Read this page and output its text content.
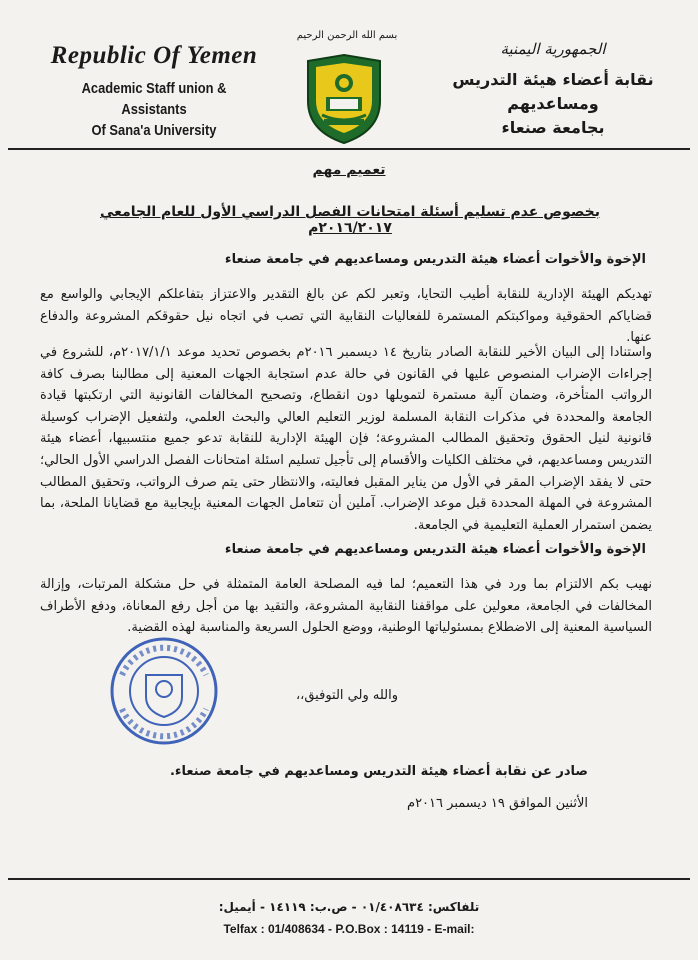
Republic Of Yemen
Academic Staff union & Assistants
Of Sana'a University
بسم الله الرحمن الرحيم
الجمهورية اليمنية
نقابة أعضاء هيئة التدريس ومساعديهم
بجامعة صنعاء
تعميم مهم
بخصوص عدم تسليم أسئلة امتحانات الفصل الدراسي الأول للعام الجامعي ٢٠١٦/٢٠١٧م
الإخوة والأخوات أعضاء هيئة التدريس ومساعديهم في جامعة صنعاء
تهديكم الهيئة الإدارية للنقابة أطيب التحايا، وتعبر لكم عن بالغ التقدير والاعتزاز بتفاعلكم الإيجابي والواسع مع قضاياكم الحقوقية ومواكبتكم المستمرة للفعاليات النقابية التي تصب في اتجاه نيل حقوقكم المشروعة والدفاع عنها.
واستنادا إلى البيان الأخير للنقابة الصادر بتاريخ ١٤ ديسمبر ٢٠١٦م بخصوص تحديد موعد ٢٠١٧/١/١م، للشروع في إجراءات الإضراب المنصوص عليها في القانون في حالة عدم استجابة الجهات المعنية إلى مطالبنا بصرف كافة الرواتب المتأخرة، وضمان آلية مستمرة لتمويلها دون انقطاع، وتصحيح المخالفات القانونية التي ارتكبتها قيادة الجامعة والمحددة في مذكرات النقابة المسلمة لوزير التعليم العالي والبحث العلمي، ولتفعيل الإضراب كوسيلة قانونية لنيل الحقوق وتحقيق المطالب المشروعة؛ فإن الهيئة الإدارية للنقابة تدعو جميع منتسبيها، أعضاء هيئة التدريس ومساعديهم، في مختلف الكليات والأقسام إلى تأجيل تسليم اسئلة امتحانات الفصل الدراسي الأول الحالي؛ حتى لا يفقد الإضراب المقر في الأول من يناير المقبل فعاليته، والانتظار حتى يتم صرف الرواتب، وتحقيق المطالب المشروعة في المهلة المحددة قبل موعد الإضراب. آملين أن تتعامل الجهات المعنية بإيجابية مع قضايانا الملحة، بما يضمن استمرار العملية التعليمية في الجامعة.
الإخوة والأخوات أعضاء هيئة التدريس ومساعديهم في جامعة صنعاء
نهيب بكم الالتزام بما ورد في هذا التعميم؛ لما فيه المصلحة العامة المتمثلة في حل مشكلة المرتبات، وإزالة المخالفات في الجامعة، معولين على مواقفنا النقابية المشروعة، والتقيد بها من أجل رفع المعاناة، ودفع الأطراف السياسية المعنية إلى الاضطلاع بمسئولياتها الوطنية، ووضع الحلول السريعة والمناسبة لهذه القضية.
والله ولي التوفيق،،
صادر عن نقابة أعضاء هيئة التدريس ومساعديهم في جامعة صنعاء.
الأثنين الموافق ١٩ ديسمبر ٢٠١٦م
تلفاكس: ٠١/٤٠٨٦٣٤ - ص.ب: ١٤١١٩ - أيميل:
Telfax : 01/408634 - P.O.Box : 14119 - E-mail:
